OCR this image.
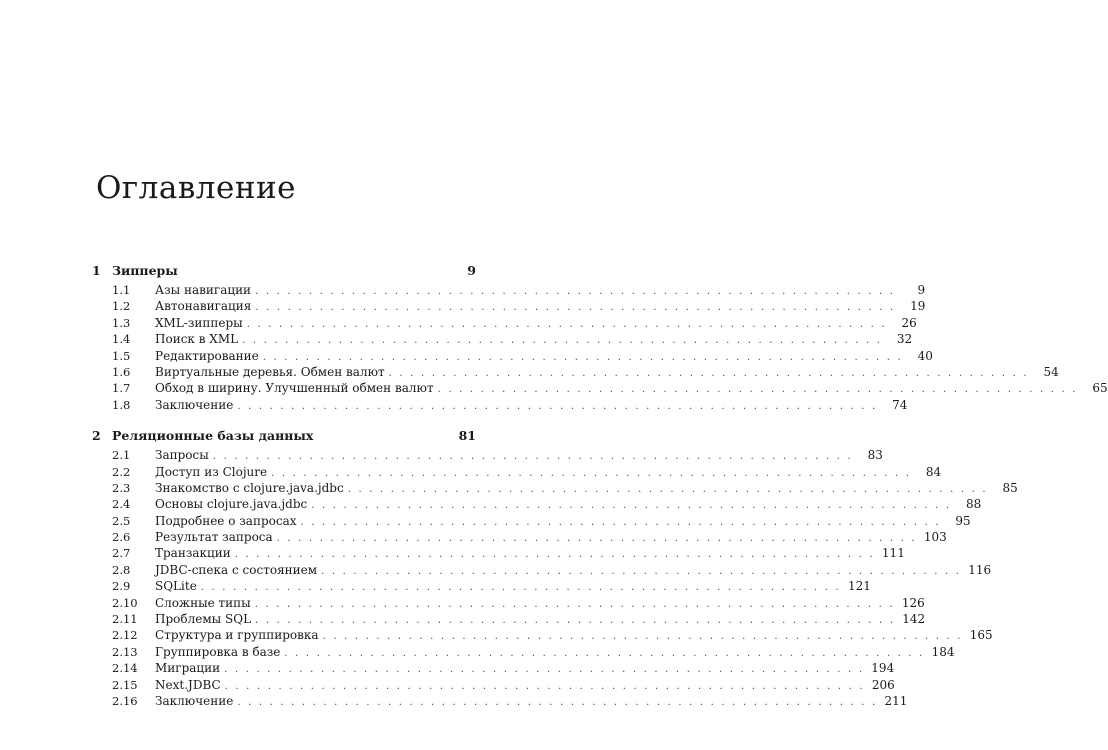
Оглавление
1 Зипперы	9
1.1	Азы навигации . . . . . . . . . . . . . . . . . . . . . . . . . . . . . . . . . . . . . . . . . . . . . . . . . . . . . . . . . . . .	9
1.2	Автонавигация . . . . . . . . . . . . . . . . . . . . . . . . . . . . . . . . . . . . . . . . . . . . . . . . . . . . . . . . . . . .	19
1.3	XML-зипперы . . . . . . . . . . . . . . . . . . . . . . . . . . . . . . . . . . . . . . . . . . . . . . . . . . . . . . . . . . . .	26
1.4	Поиск в XML . . . . . . . . . . . . . . . . . . . . . . . . . . . . . . . . . . . . . . . . . . . . . . . . . . . . . . . . . . . .	32
1.5	Редактирование . . . . . . . . . . . . . . . . . . . . . . . . . . . . . . . . . . . . . . . . . . . . . . . . . . . . . . . . . . . .	40
1.6	Виртуальные деревья. Обмен валют . . . . . . . . . . . . . . . . . . . . . . . . . . . . . . . . . . . . . . . . . . . . . . . . . . . . . . . . . . . .	54
1.7	Обход в ширину. Улучшенный обмен валют . . . . . . . . . . . . . . . . . . . . . . . . . . . . . . . . . . . . . . . . . . . . . . . . . . . . . . . . . . . .	65
1.8	Заключение . . . . . . . . . . . . . . . . . . . . . . . . . . . . . . . . . . . . . . . . . . . . . . . . . . . . . . . . . . . .	74
2 Реляционные базы данных	81
2.1	Запросы . . . . . . . . . . . . . . . . . . . . . . . . . . . . . . . . . . . . . . . . . . . . . . . . . . . . . . . . . . . .	83
2.2	Доступ из Clojure . . . . . . . . . . . . . . . . . . . . . . . . . . . . . . . . . . . . . . . . . . . . . . . . . . . . . . . . . . . .	84
2.3	Знакомство с clojure.java.jdbc . . . . . . . . . . . . . . . . . . . . . . . . . . . . . . . . . . . . . . . . . . . . . . . . . . . . . . . . . . . .	85
2.4	Основы clojure.java.jdbc . . . . . . . . . . . . . . . . . . . . . . . . . . . . . . . . . . . . . . . . . . . . . . . . . . . . . . . . . . . .	88
2.5	Подробнее о запросах . . . . . . . . . . . . . . . . . . . . . . . . . . . . . . . . . . . . . . . . . . . . . . . . . . . . . . . . . . . .	95
2.6	Результат запроса . . . . . . . . . . . . . . . . . . . . . . . . . . . . . . . . . . . . . . . . . . . . . . . . . . . . . . . . . . . . 103
2.7	Транзакции . . . . . . . . . . . . . . . . . . . . . . . . . . . . . . . . . . . . . . . . . . . . . . . . . . . . . . . . . . . . 111
2.8	JDBC-спека с состоянием . . . . . . . . . . . . . . . . . . . . . . . . . . . . . . . . . . . . . . . . . . . . . . . . . . . . . . . . . . . . 116
2.9	SQLite . . . . . . . . . . . . . . . . . . . . . . . . . . . . . . . . . . . . . . . . . . . . . . . . . . . . . . . . . . . . 121
2.10	Сложные типы . . . . . . . . . . . . . . . . . . . . . . . . . . . . . . . . . . . . . . . . . . . . . . . . . . . . . . . . . . . . 126
2.11	Проблемы SQL . . . . . . . . . . . . . . . . . . . . . . . . . . . . . . . . . . . . . . . . . . . . . . . . . . . . . . . . . . . . 142
2.12	Структура и группировка . . . . . . . . . . . . . . . . . . . . . . . . . . . . . . . . . . . . . . . . . . . . . . . . . . . . . . . . . . . . 165
2.13	Группировка в базе . . . . . . . . . . . . . . . . . . . . . . . . . . . . . . . . . . . . . . . . . . . . . . . . . . . . . . . . . . . . 184
2.14	Миграции . . . . . . . . . . . . . . . . . . . . . . . . . . . . . . . . . . . . . . . . . . . . . . . . . . . . . . . . . . . . 194
2.15	Next.JDBC . . . . . . . . . . . . . . . . . . . . . . . . . . . . . . . . . . . . . . . . . . . . . . . . . . . . . . . . . . . . 206
2.16	Заключение . . . . . . . . . . . . . . . . . . . . . . . . . . . . . . . . . . . . . . . . . . . . . . . . . . . . . . . . . . . . 211
